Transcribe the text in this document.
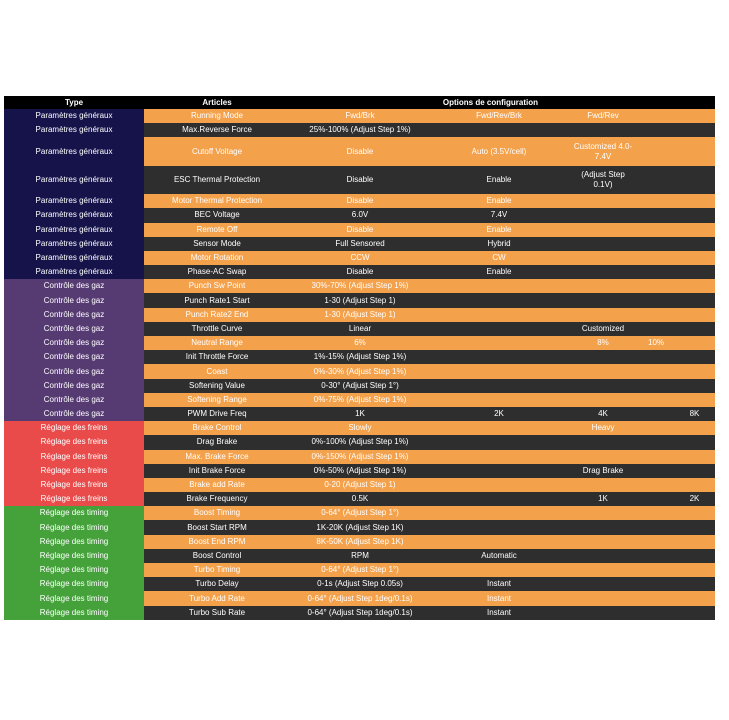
Type	Articles	Options de configuration					
Paramètres généraux	Running Mode	Fwd/Brk	Fwd/Rev/Brk	Fwd/Rev			
Paramètres généraux	Max.Reverse Force	25%-100% (Adjust Step 1%)					
Paramètres généraux	Cutoff Voltage	Disable	Auto (3.5V/cell)	Customized 4.0-7.4V			
Paramètres généraux	ESC Thermal Protection	Disable	Enable	(Adjust Step 0.1V)			
Paramètres généraux	Motor Thermal Protection	Disable	Enable				
Paramètres généraux	BEC Voltage	6.0V	7.4V				
Paramètres généraux	Remote Off	Disable	Enable				
Paramètres généraux	Sensor Mode	Full Sensored	Hybrid				
Paramètres généraux	Motor Rotation	CCW	CW				
Paramètres généraux	Phase-AC Swap	Disable	Enable				
Contrôle des gaz	Punch Sw Point	30%-70% (Adjust Step 1%)					
Contrôle des gaz	Punch Rate1 Start	1-30 (Adjust Step 1)					
Contrôle des gaz	Punch Rate2 End	1-30 (Adjust Step 1)					
Contrôle des gaz	Throttle Curve	Linear		Customized			
Contrôle des gaz	Neutral Range	6%		8%	10%		
Contrôle des gaz	Init Throttle Force	1%-15% (Adjust Step 1%)					
Contrôle des gaz	Coast	0%-30% (Adjust Step 1%)					
Contrôle des gaz	Softening Value	0-30° (Adjust Step 1°)					
Contrôle des gaz	Softening Range	0%-75% (Adjust Step 1%)					
Contrôle des gaz	PWM Drive Freq	1K	2K	4K		8K	16K
Réglage des freins	Brake Control	Slowly		Heavy			
Réglage des freins	Drag Brake	0%-100% (Adjust Step 1%)					
Réglage des freins	Max. Brake Force	0%-150% (Adjust Step 1%)					
Réglage des freins	Init Brake Force	0%-50% (Adjust Step 1%)		Drag Brake			
Réglage des freins	Brake add Rate	0-20 (Adjust Step 1)					
Réglage des freins	Brake Frequency	0.5K		1K		2K	
Réglage des timing	Boost Timing	0-64° (Adjust Step 1°)					
Réglage des timing	Boost Start RPM	1K-20K (Adjust Step 1K)					
Réglage des timing	Boost End RPM	8K-50K (Adjust Step 1K)					
Réglage des timing	Boost Control	RPM	Automatic				
Réglage des timing	Turbo Timing	0-64° (Adjust Step 1°)					
Réglage des timing	Turbo Delay	0-1s (Adjust Step 0.05s)	Instant				
Réglage des timing	Turbo Add Rate	0-64° (Adjust Step 1deg/0.1s)	Instant				
Réglage des timing	Turbo Sub Rate	0-64° (Adjust Step 1deg/0.1s)	Instant				
